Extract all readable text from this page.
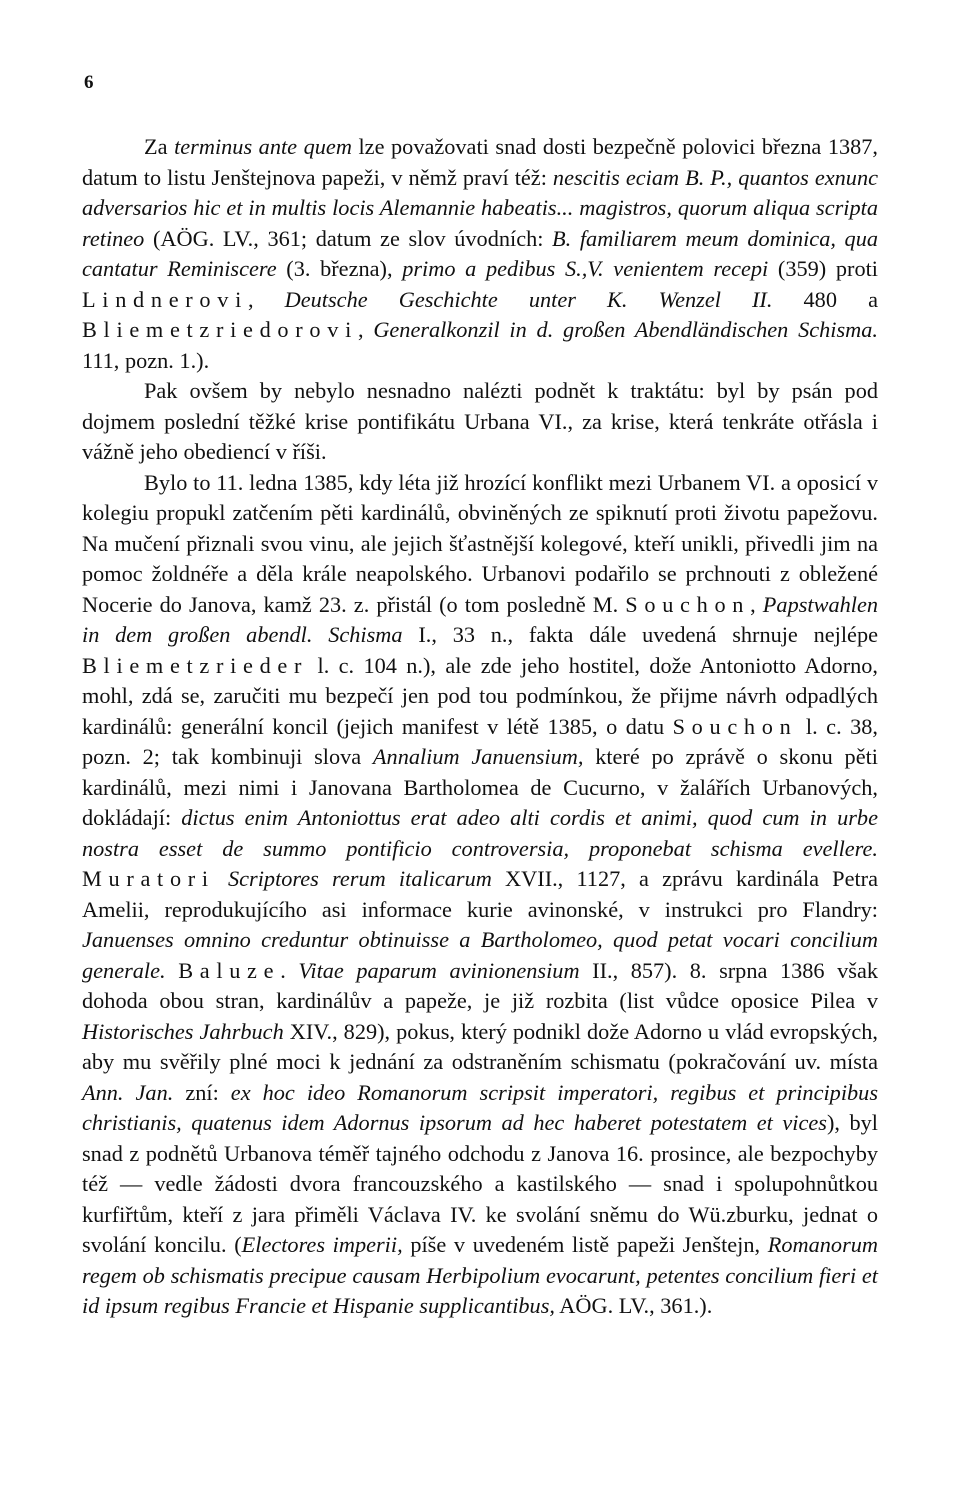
6

Za terminus ante quem lze považovati snad dosti bezpečně polovici března 1387, datum to listu Jenštejnova papeži, v němž praví též: nescitis eciam B. P., quantos exnunc adversarios hic et in multis locis Alemannie habeatis... magistros, quorum aliqua scripta retineo (AÖG. LV., 361; datum ze slov úvodních: B. familiarem meum dominica, qua cantatur Reminiscere (3. března), primo a pedibus S.,V. venientem recepi (359) proti Lindnerovi, Deutsche Geschichte unter K. Wenzel II. 480 a Bliemetzriedorovi, Generalkonzil in d. großen Abendländischen Schisma. 111, pozn. 1.).

Pak ovšem by nebylo nesnadno nalézti podnět k traktátu: byl by psán pod dojmem poslední těžké krise pontifikátu Urbana VI., za krise, která tenkráte otřásla i vážně jeho obediencí v říši.

Bylo to 11. ledna 1385, kdy léta již hrozící konflikt mezi Urbanem VI. a oposicí v kolegiu propukl zatčením pěti kardinálů, obviněných ze spiknutí proti životu papežovu. Na mučení přiznali svou vinu, ale jejich šťastnější kolegové, kteří unikli, přivedli jim na pomoc žoldnéře a děla krále neapolského. Urbanovi podařilo se prchnouti z obležené Nocerie do Janova, kamž 23. z. přistál (o tom posledně M. Souchon, Papstwahlen in dem großen abendl. Schisma I., 33 n., fakta dále uvedená shrnuje nejlépe Bliemetzrieder l. c. 104 n.), ale zde jeho hostitel, dože Antoniotto Adorno, mohl, zdá se, zaručiti mu bezpečí jen pod tou podmínkou, že přijme návrh odpadlých kardinálů: generální koncil (jejich manifest v létě 1385, o datu Souchon l. c. 38, pozn. 2; tak kombinuji slova Annalium Januensium, které po zprávě o skonu pěti kardinálů, mezi nimi i Janovana Bartholomea de Cucurno, v žalářích Urbanových, dokládají: dictus enim Antoniottus erat adeo alti cordis et animi, quod cum in urbe nostra esset de summo pontificio controversia, proponebat schisma evellere. Muratori Scriptores rerum italicarum XVII., 1127, a zprávu kardinála Petra Amelii, reprodukujícího asi informace kurie avinonské, v instrukci pro Flandry: Januenses omnino creduntur obtinuisse a Bartholomeo, quod petat vocari concilium generale. Baluze. Vitae paparum avinionensium II., 857). 8. srpna 1386 však dohoda obou stran, kardinálův a papeže, je již rozbita (list vůdce oposice Pilea v Historisches Jahrbuch XIV., 829), pokus, který podnikl dože Adorno u vlád evropských, aby mu svěřily plné moci k jednání za odstraněním schismatu (pokračování uv. místa Ann. Jan. zní: ex hoc ideo Romanorum scripsit imperatori, regibus et principibus christianis, quatenus idem Adornus ipsorum ad hec haberet potestatem et vices), byl snad z podnětů Urbanova téměř tajného odchodu z Janova 16. prosince, ale bezpochyby též — vedle žádosti dvora francouzského a kastilského — snad i spolupohnůtkou kurfiřtům, kteří z jara přiměli Václava IV. ke svolání sněmu do Wü.zburku, jednat o svolání koncilu. (Electores imperii, píše v uvedeném listě papeži Jenštejn, Romanorum regem ob schismatis precipue causam Herbipolium evocarunt, petentes concilium fieri et id ipsum regibus Francie et Hispanie supplicantibus, AÖG. LV., 361.).
